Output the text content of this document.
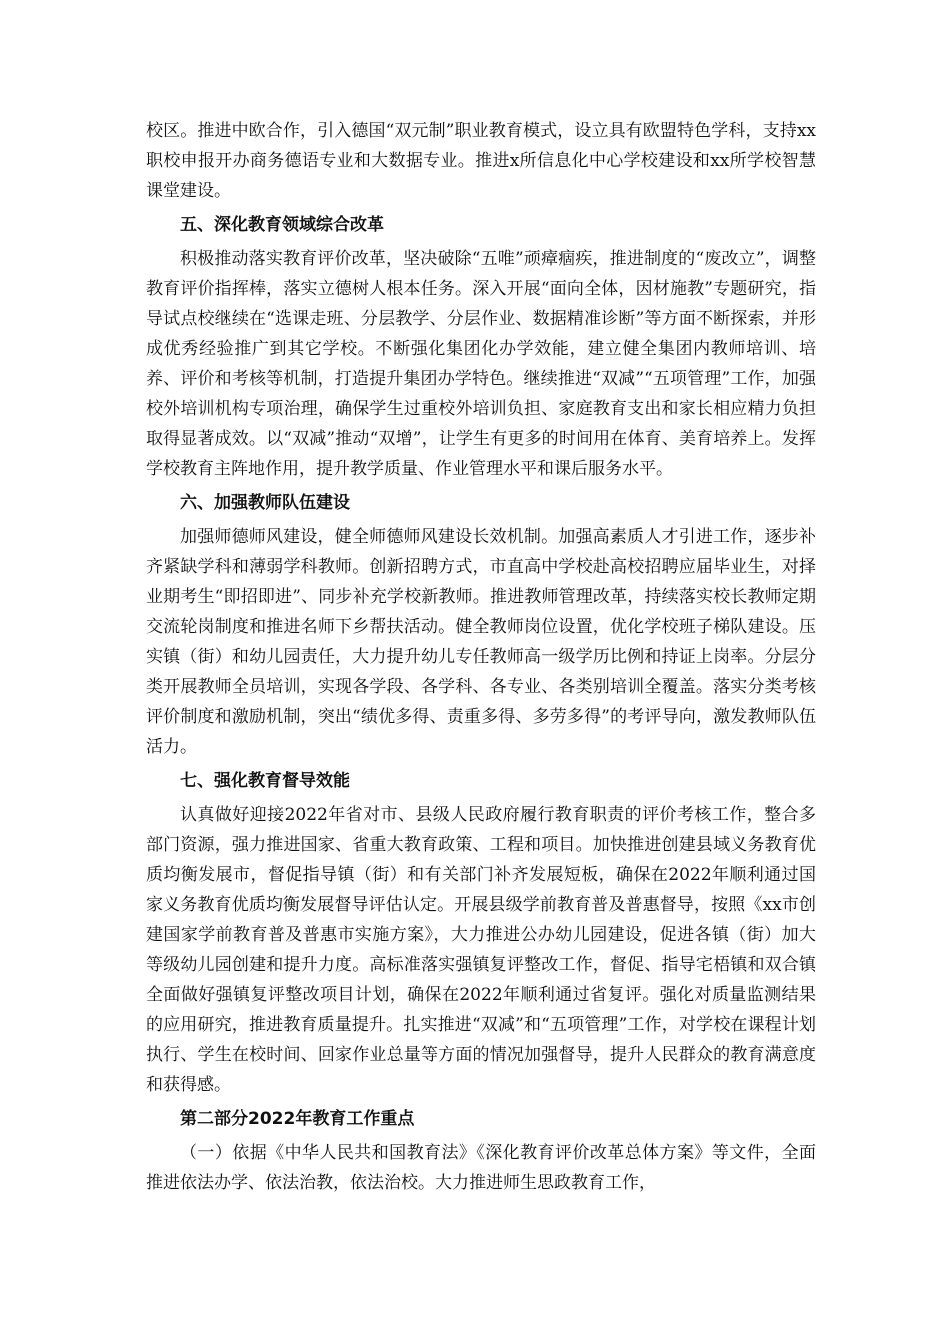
校区。推进中欧合作，引入德国“双元制”职业教育模式，设立具有欧盟特色学科，支持xx职校申报开办商务德语专业和大数据专业。推进x所信息化中心学校建设和xx所学校智慧课堂建设。

五、深化教育领域综合改革

积极推动落实教育评价改革，坚决破除“五唯”顽瘴痼疾，推进制度的“废改立”，调整教育评价指挥棒，落实立德树人根本任务。深入开展“面向全体，因材施教”专题研究，指导试点校继续在“选课走班、分层教学、分层作业、数据精准诊断”等方面不断探索，并形成优秀经验推广到其它学校。不断强化集团化办学效能，建立健全集团内教师培训、培养、评价和考核等机制，打造提升集团办学特色。继续推进“双减”“五项管理”工作，加强校外培训机构专项治理，确保学生过重校外培训负担、家庭教育支出和家长相应精力负担取得显著成效。以“双减”推动“双增”，让学生有更多的时间用在体育、美育培养上。发挥学校教育主阵地作用，提升教学质量、作业管理水平和课后服务水平。

六、加强教师队伍建设

加强师德师风建设，健全师德师风建设长效机制。加强高素质人才引进工作，逐步补齐紧缺学科和薄弱学科教师。创新招聘方式，市直高中学校赴高校招聘应届毕业生，对择业期考生“即招即进”、同步补充学校新教师。推进教师管理改革，持续落实校长教师定期交流轮岗制度和推进名师下乡帮扶活动。健全教师岗位设置，优化学校班子梯队建设。压实镇（街）和幼儿园责任，大力提升幼儿专任教师高一级学历比例和持证上岗率。分层分类开展教师全员培训，实现各学段、各学科、各专业、各类别培训全覆盖。落实分类考核评价制度和激励机制，突出“绩优多得、责重多得、多劳多得”的考评导向，激发教师队伍活力。

七、强化教育督导效能

认真做好迎接2022年省对市、县级人民政府履行教育职责的评价考核工作，整合多部门资源，强力推进国家、省重大教育政策、工程和项目。加快推进创建县域义务教育优质均衡发展市，督促指导镇（街）和有关部门补齐发展短板，确保在2022年顺利通过国家义务教育优质均衡发展督导评估认定。开展县级学前教育普及普惠督导，按照《xx市创建国家学前教育普及普惠市实施方案》，大力推进公办幼儿园建设，促进各镇（街）加大等级幼儿园创建和提升力度。高标准落实强镇复评整改工作，督促、指导宅梧镇和双合镇全面做好强镇复评整改项目计划，确保在2022年顺利通过省复评。强化对质量监测结果的应用研究，推进教育质量提升。扎实推进“双减”和“五项管理”工作，对学校在课程计划执行、学生在校时间、回家作业总量等方面的情况加强督导，提升人民群众的教育满意度和获得感。

第二部分2022年教育工作重点

（一）依据《中华人民共和国教育法》《深化教育评价改革总体方案》等文件，全面推进依法办学、依法治教，依法治校。大力推进师生思政教育工作，
